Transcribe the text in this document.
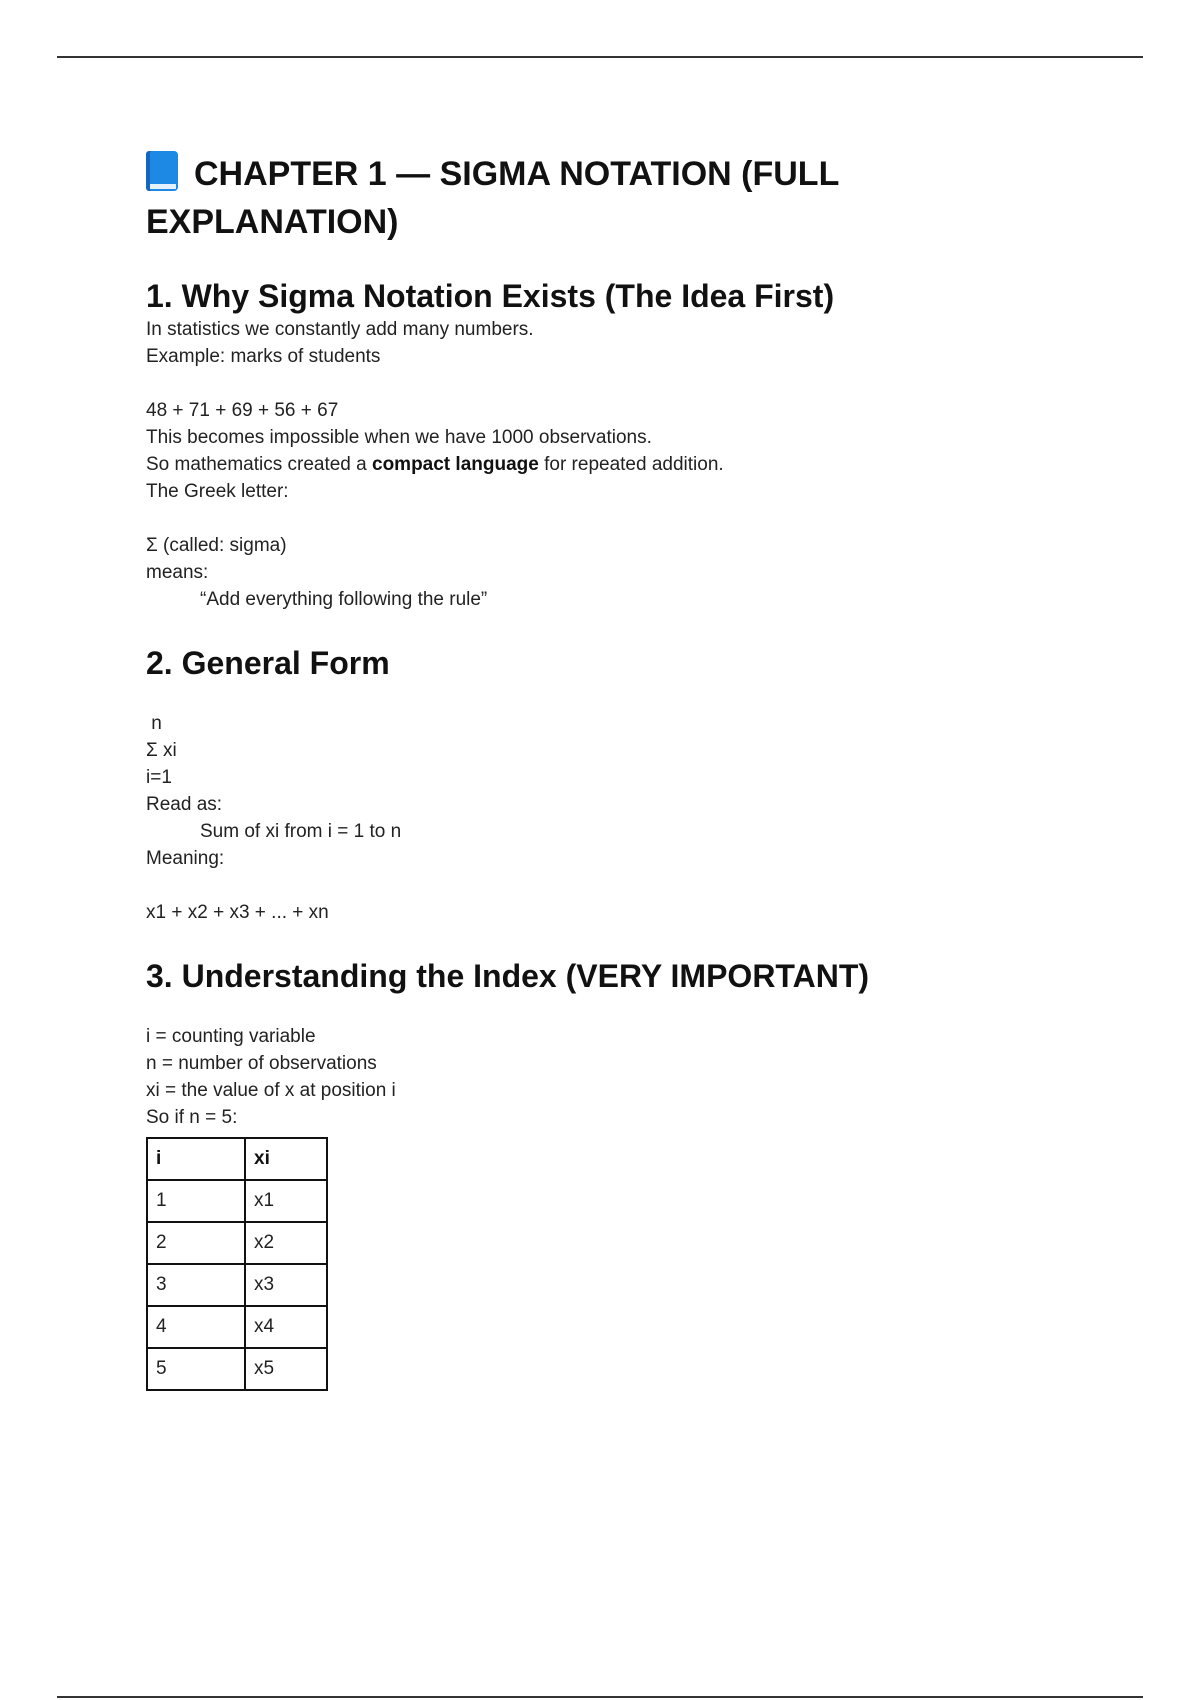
CHAPTER 1 — SIGMA NOTATION (FULL
EXPLANATION)
1. Why Sigma Notation Exists (The Idea First)

In statistics we constantly add many numbers.

Example: marks of students

48 + 71 + 69 + 56 + 67

This becomes impossible when we have 1000 observations.

So mathematics created a compact language for repeated addition.

The Greek letter:

Σ (called: sigma)

means:

“Add everything following the rule”

2. General Form

n

Σ xi

i=1

Read as:

Sum of xi from i = 1 to n

Meaning:

x1 + x2 + x3 + ... + xn

3. Understanding the Index (VERY IMPORTANT)

i = counting variable

n = number of observations

xi = the value of x at position i

So if n = 5:

i	xi
1	x1
2	x2
3	x3
4	x4
5	x5
